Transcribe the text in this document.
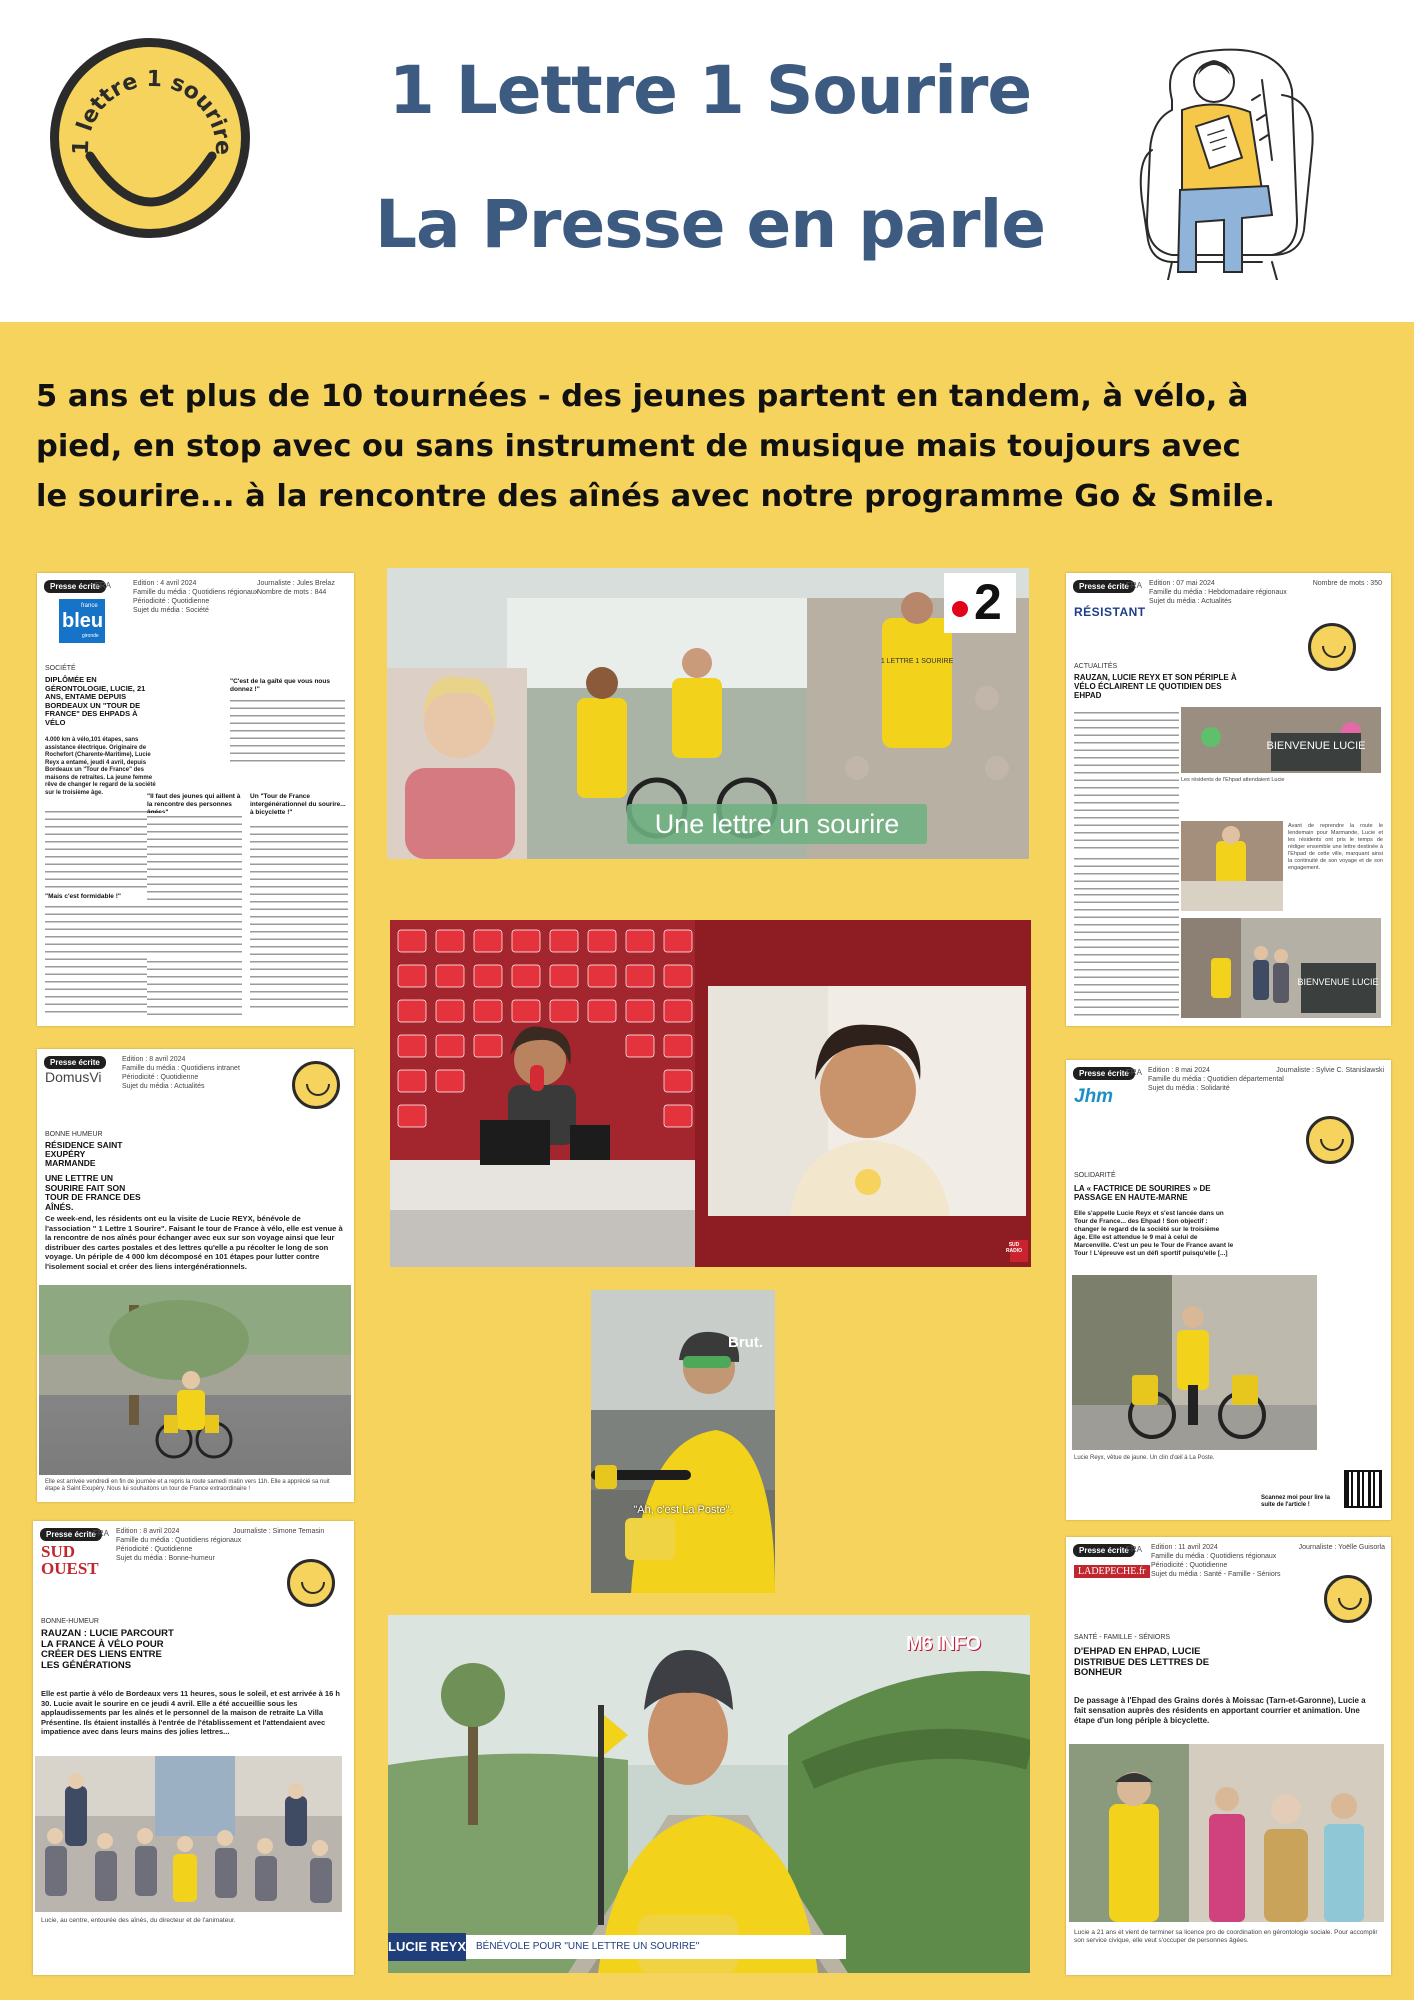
1 lettre 1 sourire
1 Lettre 1 Sourire
La Presse en parle
5 ans et plus de 10 tournées - des jeunes partent en tandem, à vélo, à
pied, en stop avec ou sans instrument de musique mais toujours avec
le sourire... à la rencontre des aînés avec notre programme Go & Smile.
Presse écrite
FRA	Edition : 4 avril 2024
Famille du média : Quotidiens régionaux
Périodicité : Quotidienne
Sujet du média : Société
Journaliste : Jules Brelaz
Nombre de mots : 844
france
bleu
gironde
SOCIÉTÉ
DIPLÔMÉE EN GÉRONTOLOGIE, LUCIE, 21 ANS, ENTAME DEPUIS BORDEAUX UN "TOUR DE FRANCE" DES EHPADS À VÉLO
4.000 km à vélo,101 étapes, sans assistance électrique. Originaire de Rochefort (Charente-Maritime), Lucie Reyx a entamé, jeudi 4 avril, depuis Bordeaux un "Tour de France" des maisons de retraites. La jeune femme rêve de changer le regard de la société sur le troisième âge.
"Mais c'est formidable !"
"C'est de la gaîté que vous nous donnez !"
"Il faut des jeunes qui aillent à la rencontre des personnes
Un "Tour de France intergénérationnel du sourire... à bicyclette !"
Presse écrite	Edition : 8 avril 2024
Famille du média : Quotidiens intranet
Périodicité : Quotidienne
Sujet du média : Actualités
DomusVi
BONNE HUMEUR
RÉSIDENCE SAINT EXUPÉRY
MARMANDE
UNE LETTRE UN SOURIRE FAIT SON TOUR DE FRANCE DES AÎNÉS.
Ce week-end, les résidents ont eu la visite de Lucie REYX, bénévole de l'association " 1 Lettre 1 Sourire". Faisant le tour de France à vélo, elle est venue à la rencontre de nos aînés pour échanger avec eux sur son voyage ainsi que leur distribuer des cartes postales et des lettres qu'elle a pu récolter le long de son voyage. Un périple de 4 000 km décomposé en 101 étapes pour lutter contre l'isolement social et créer des liens intergénérationnels.
Elle est arrivée vendredi en fin de journée et a repris la route samedi matin vers 11h. Elle a apprécié sa nuit étape à Saint Exupéry. Nous lui souhaitons un tour de France extraordinaire !
Presse écrite
FRA Edition : 8 avril 2024
Famille du média : Quotidiens régionaux
Périodicité : Quotidienne
Sujet du média : Bonne-humeur
Journaliste : Simone Temasin
SUD
OUEST
BONNE-HUMEUR
RAUZAN : LUCIE PARCOURT LA FRANCE À VÉLO POUR CRÉER DES LIENS ENTRE LES GÉNÉRATIONS
Elle est partie à vélo de Bordeaux vers 11 heures, sous le soleil, et est arrivée à 16 h 30. Lucie avait le sourire en ce jeudi 4 avril. Elle a été accueillie sous les applaudissements par les aînés et le personnel de la maison de retraite La Villa Présentine. Ils étaient installés à l'entrée de l'établissement et l'attendaient avec impatience avec dans leurs mains des jolies lettres...
Lucie, au centre, entourée des aînés, du directeur et de l'animateur.
Presse écrite
FRA Edition : 07 mai 2024
Famille du média : Hebdomadaire régionaux
Sujet du média : Actualités
Nombre de mots : 350
RÉSISTANT
ACTUALITÉS
RAUZAN, LUCIE REYX ET SON PÉRIPLE À VÉLO ÉCLAIRENT LE QUOTIDIEN DES EHPAD
BIENVENUE LUCIE
Les résidents de l'Ehpad attendaient Lucie
Avant de reprendre la route le lendemain pour Marmande, Lucie et les résidents ont pris le temps de rédiger ensemble une lettre destinée à l'Ehpad de cette ville, marquant ainsi la continuité de son voyage et de son engagement.
BIENVENUE LUCIE
Presse écrite
FRA Edition : 8 mai 2024
Famille du média : Quotidien départemental
Sujet du média : Solidarité
Journaliste : Sylvie C. Stanislawski
Jhm
SOLIDARITÉ
LA « FACTRICE DE SOURIRES » DE PASSAGE EN HAUTE-MARNE
Elle s'appelle Lucie Reyx et s'est lancée dans un Tour de France... des Ehpad ! Son objectif : changer le regard de la société sur le troisième âge. Elle est attendue le 9 mai à celui de Marcenville. C'est un peu le Tour de France avant le Tour ! L'épreuve est un défi sportif puisqu'elle [...]
Lucie Reyx, vêtue de jaune. Un clin d'œil à La Poste.
Scannez moi pour lire la suite de l'article !
Presse écrite
FRA Edition : 11 avril 2024
Famille du média : Quotidiens régionaux
Périodicité : Quotidienne
Sujet du média : Santé - Famille - Séniors
Journaliste : Yoëlle Guisorla
LADEPECHE.fr
SANTÉ - FAMILLE - SÉNIORS
D'EHPAD EN EHPAD, LUCIE DISTRIBUE DES LETTRES DE BONHEUR
De passage à l'Ehpad des Grains dorés à Moissac (Tarn-et-Garonne), Lucie a fait sensation auprès des résidents en apportant courrier et animation. Une étape d'un long périple à bicyclette.
Lucie a 21 ans et vient de terminer sa licence pro de coordination en gérontologie sociale. Pour accomplir son service civique, elle veut s'occuper de personnes âgées.
1 LETTRE 1 SOURIRE
2
Une lettre un sourire
SUD RADIO
Brut.
"Ah, c'est La Poste".
M6 INFO
LUCIE REYX BÉNÉVOLE POUR "UNE LETTRE UN SOURIRE"
